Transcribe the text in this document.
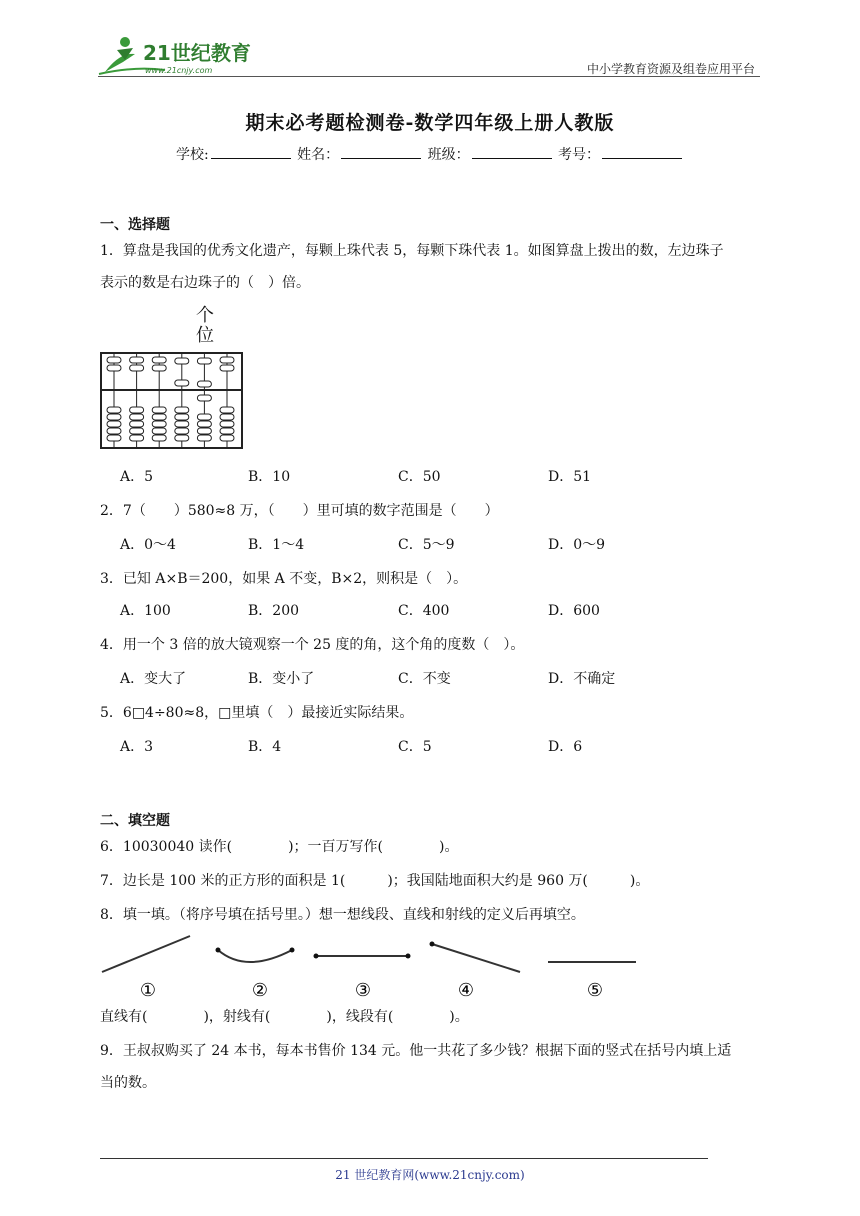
21世纪教育
www.21cnjy.com	中小学教育资源及组卷应用平台
期末必考题检测卷-数学四年级上册人教版
学校:	姓名：	班级：	考号：
一、选择题
1．算盘是我国的优秀文化遗产，每颗上珠代表 5，每颗下珠代表 1。如图算盘上拨出的数，左边珠子
表示的数是右边珠子的（　）倍。
个
位
A．5	B．10	C．50	D．51
A．0～4	B．1～4	C．5～9	D．0～9
A．100	B．200	C．400	D．600
A．变大了	B．变小了	C．不变	D．不确定
A．3	B．4	C．5	D．6
2．7（　　）580≈8 万，（　　）里可填的数字范围是（　　）
3．已知 A×B＝200，如果 A 不变，B×2，则积是（　）。
4．用一个 3 倍的放大镜观察一个 25 度的角，这个角的度数（　）。
5．6□4÷80≈8，□里填（　）最接近实际结果。
二、填空题
6．10030040 读作(　　　　)；一百万写作(　　　　)。
7．边长是 100 米的正方形的面积是 1(　　　)；我国陆地面积大约是 960 万(　　　)。
8．填一填。（将序号填在括号里。）想一想线段、直线和射线的定义后再填空。
①	②	③	④	⑤
直线有(　　　　)，射线有(　　　　)，线段有(　　　　)。
9．王叔叔购买了 24 本书，每本书售价 134 元。他一共花了多少钱？根据下面的竖式在括号内填上适
当的数。
21 世纪教育网(www.21cnjy.com)
